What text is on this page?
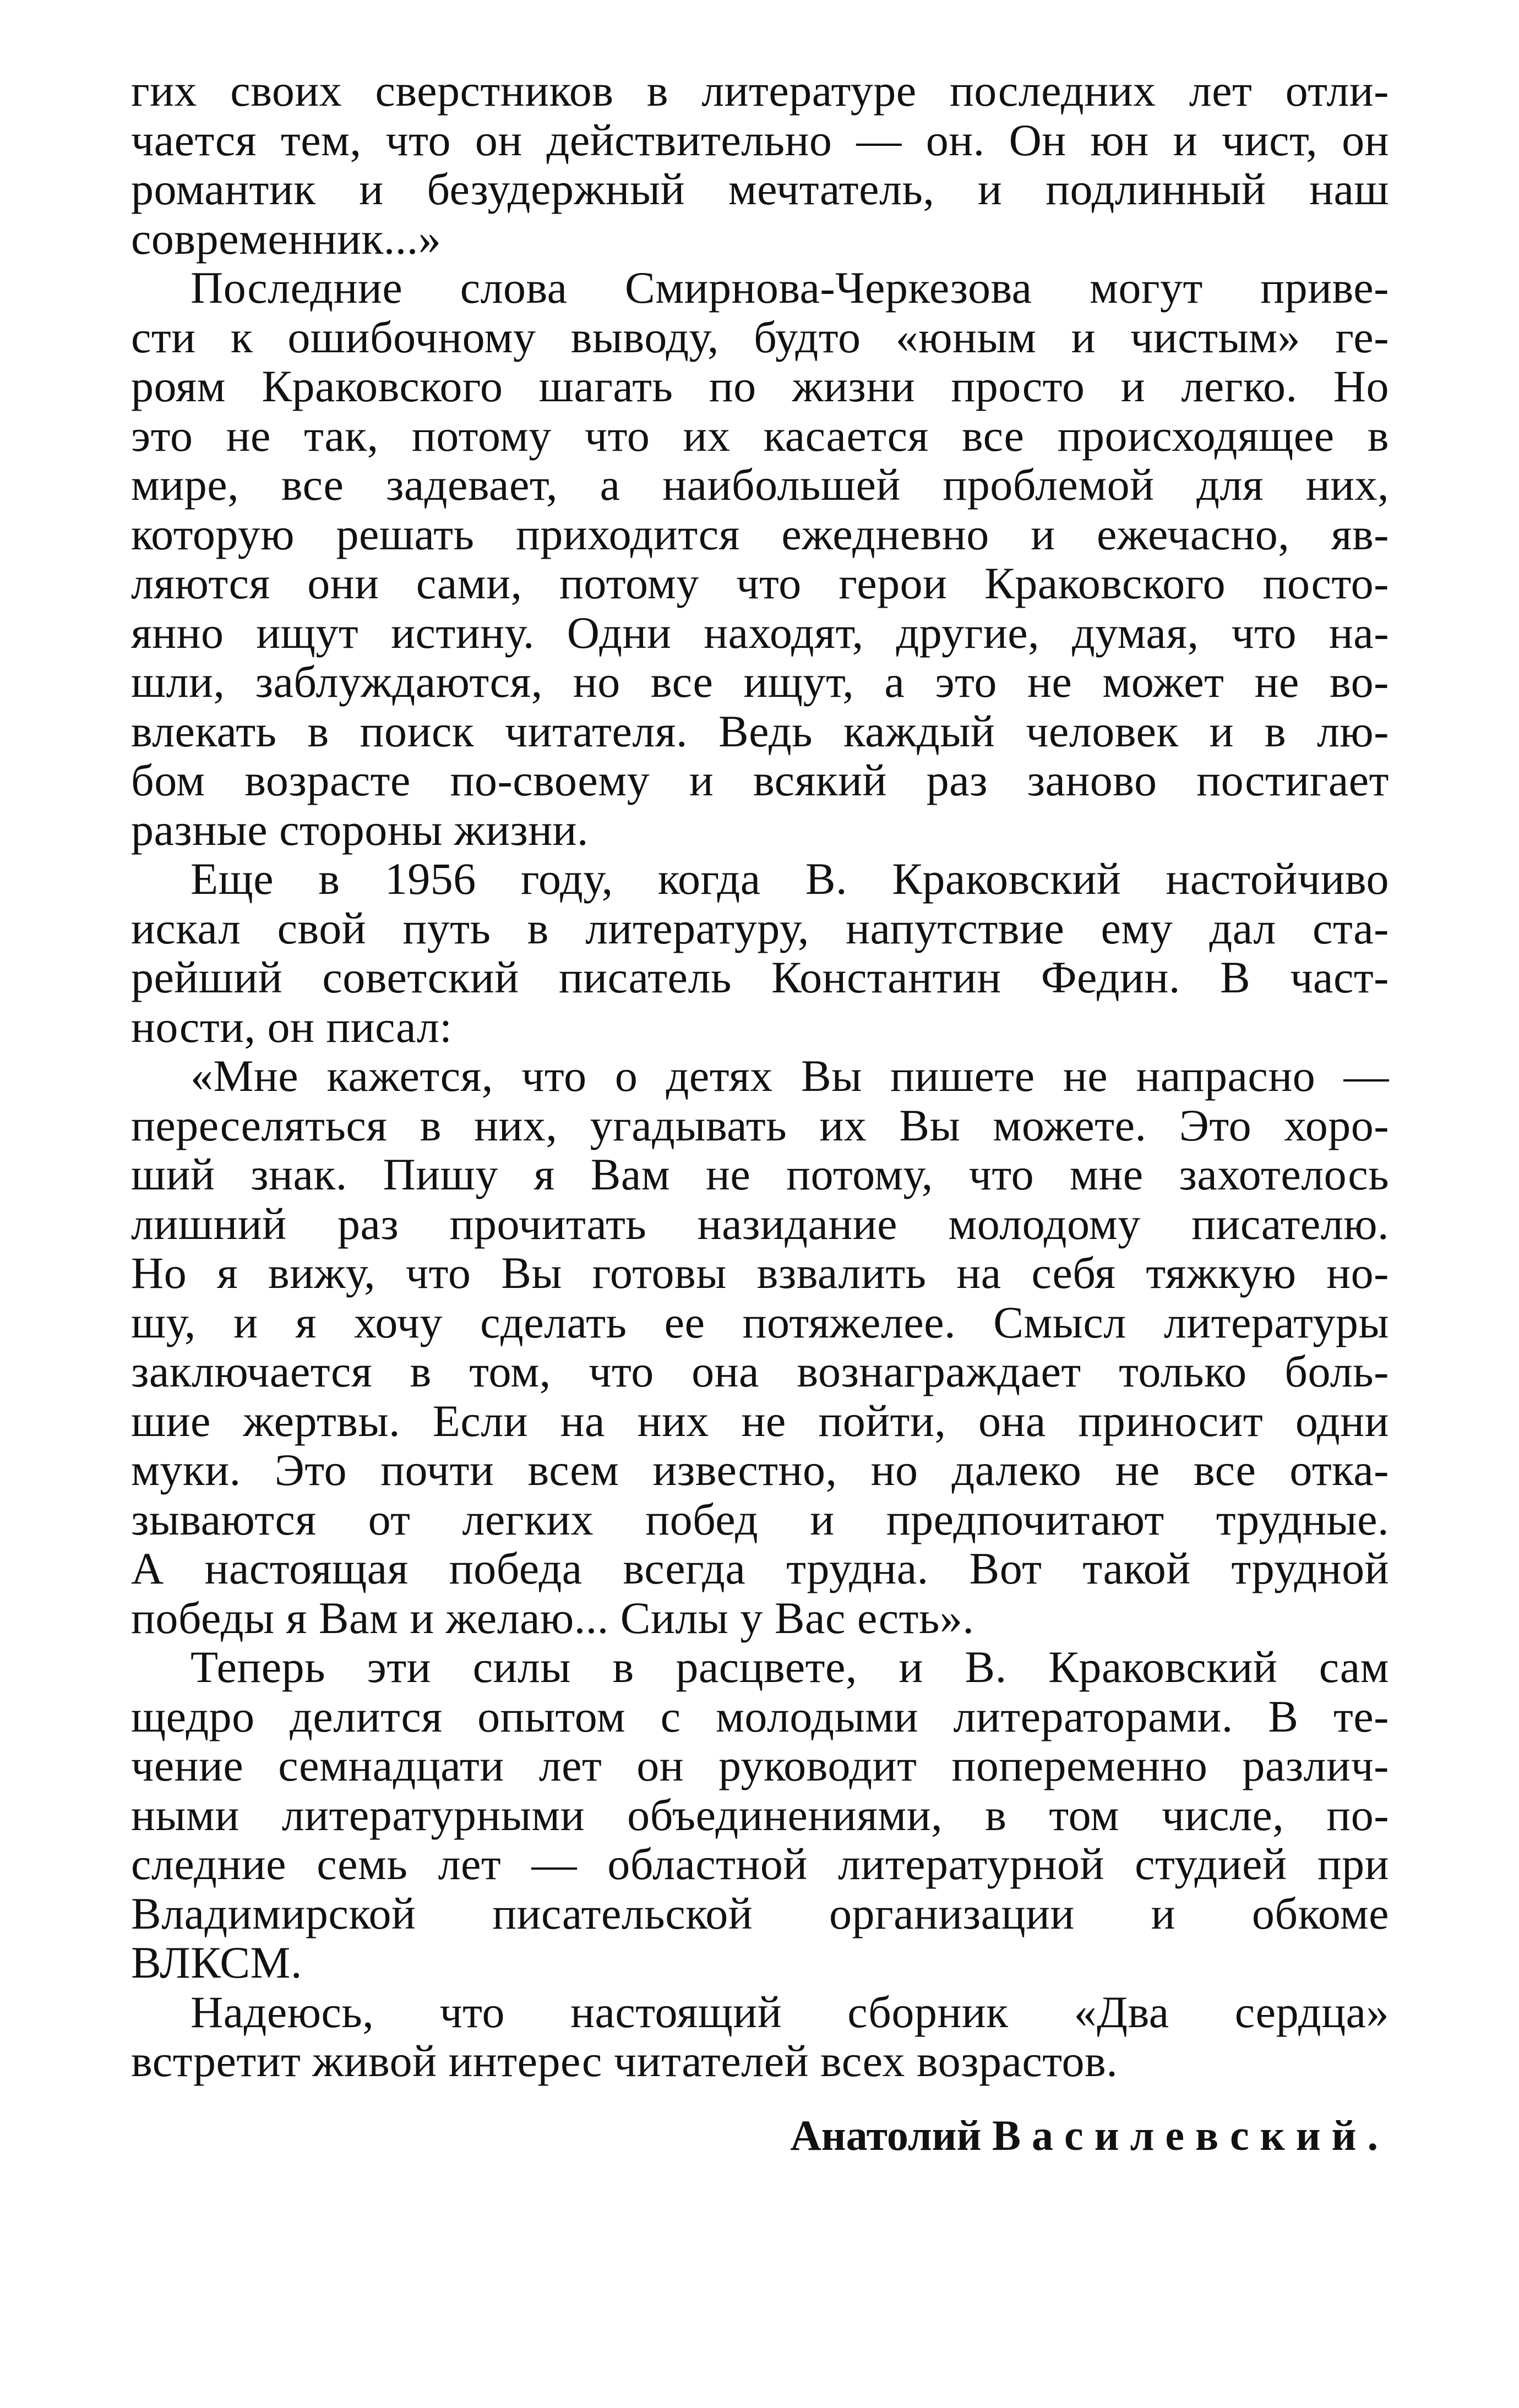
гих своих сверстников в литературе последних лет отли-
чается тем, что он действительно — он. Он юн и чист, он
романтик и безудержный мечтатель, и подлинный наш
современник...»
Последние слова Смирнова-Черкезова могут приве-
сти к ошибочному выводу, будто «юным и чистым» ге-
роям Краковского шагать по жизни просто и легко. Но
это не так, потому что их касается все происходящее в
мире, все задевает, а наибольшей проблемой для них,
которую решать приходится ежедневно и ежечасно, яв-
ляются они сами, потому что герои Краковского посто-
янно ищут истину. Одни находят, другие, думая, что на-
шли, заблуждаются, но все ищут, а это не может не во-
влекать в поиск читателя. Ведь каждый человек и в лю-
бом возрасте по-своему и всякий раз заново постигает
разные стороны жизни.
Еще в 1956 году, когда В. Краковский настойчиво
искал свой путь в литературу, напутствие ему дал ста-
рейший советский писатель Константин Федин. В част-
ности, он писал:
«Мне кажется, что о детях Вы пишете не напрасно —
переселяться в них, угадывать их Вы можете. Это хоро-
ший знак. Пишу я Вам не потому, что мне захотелось
лишний раз прочитать назидание молодому писателю.
Но я вижу, что Вы готовы взвалить на себя тяжкую но-
шу, и я хочу сделать ее потяжелее. Смысл литературы
заключается в том, что она вознаграждает только боль-
шие жертвы. Если на них не пойти, она приносит одни
муки. Это почти всем известно, но далеко не все отка-
зываются от легких побед и предпочитают трудные.
А настоящая победа всегда трудна. Вот такой трудной
победы я Вам и желаю... Силы у Вас есть».
Теперь эти силы в расцвете, и В. Краковский сам
щедро делится опытом с молодыми литераторами. В те-
чение семнадцати лет он руководит попеременно различ-
ными литературными объединениями, в том числе, по-
следние семь лет — областной литературной студией при
Владимирской писательской организации и обкоме
ВЛКСМ.
Надеюсь, что настоящий сборник «Два сердца»
встретит живой интерес читателей всех возрастов.
Анатолий Василевский.
